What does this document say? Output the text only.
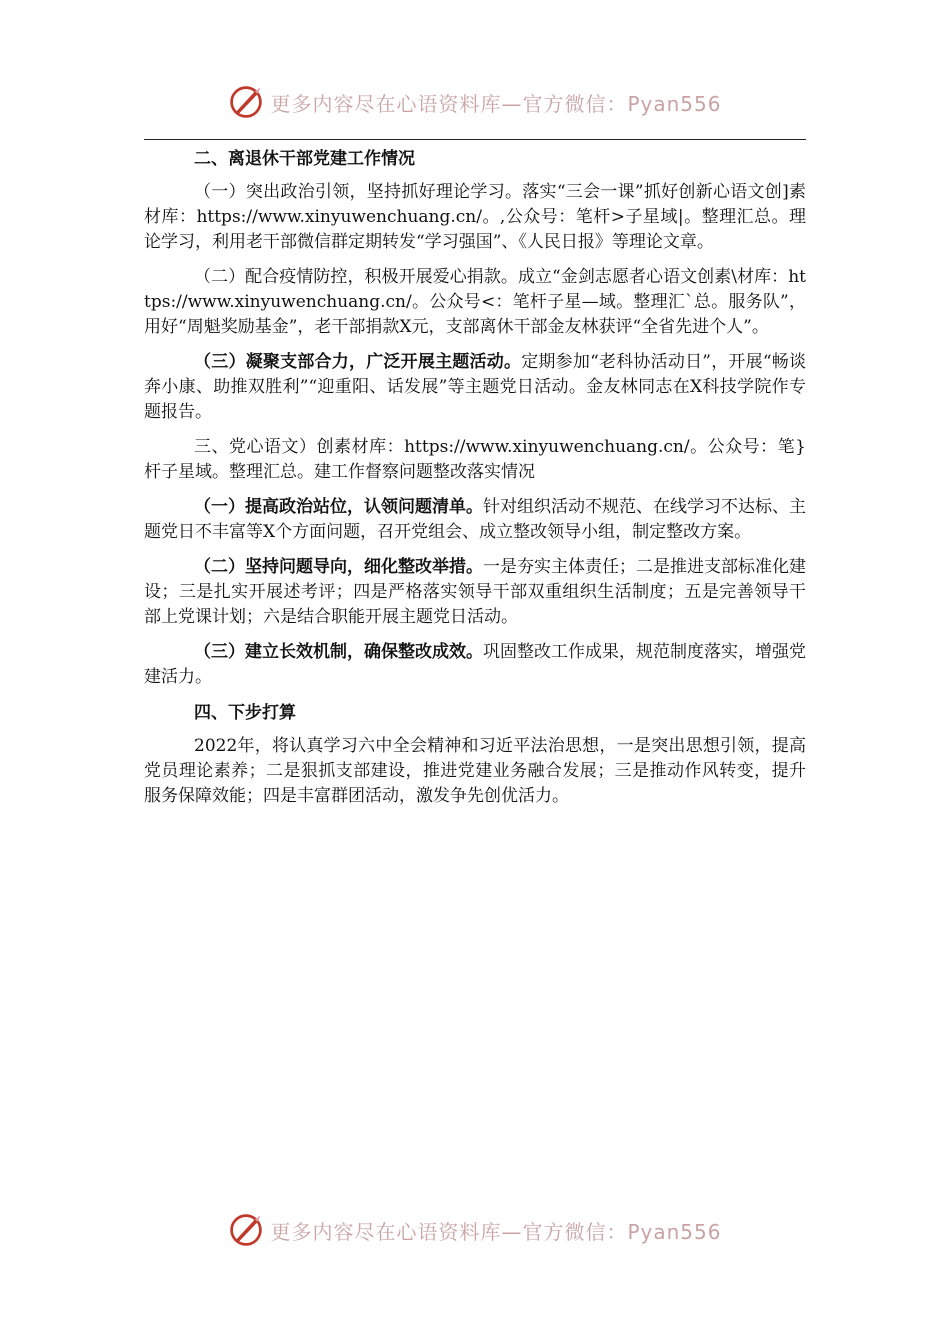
更多内容尽在心语资料库—官方微信：Pyan556
二、离退休干部党建工作情况

（一）突出政治引领，坚持抓好理论学习。落实“三会一课”抓好创新心语文创]素材库：https://www.xinyuwenchuang.cn/。,公众号：笔杆>子星域|。整理汇总。理论学习，利用老干部微信群定期转发“学习强国”、《人民日报》等理论文章。

（二）配合疫情防控，积极开展爱心捐款。成立“金剑志愿者心语文创素\材库：https://www.xinyuwenchuang.cn/。公众号<：笔杆子星—域。整理汇`总。服务队”，用好“周魁奖励基金”，老干部捐款X元，支部离休干部金友林获评“全省先进个人”。

（三）凝聚支部合力，广泛开展主题活动。定期参加“老科协活动日”，开展“畅谈奔小康、助推双胜利”“迎重阳、话发展”等主题党日活动。金友林同志在X科技学院作专题报告。

三、党心语文）创素材库：https://www.xinyuwenchuang.cn/。公众号：笔}杆子星域。整理汇总。建工作督察问题整改落实情况

（一）提高政治站位，认领问题清单。针对组织活动不规范、在线学习不达标、主题党日不丰富等X个方面问题，召开党组会、成立整改领导小组，制定整改方案。

（二）坚持问题导向，细化整改举措。一是夯实主体责任；二是推进支部标准化建设；三是扎实开展述考评；四是严格落实领导干部双重组织生活制度；五是完善领导干部上党课计划；六是结合职能开展主题党日活动。

（三）建立长效机制，确保整改成效。巩固整改工作成果，规范制度落实，增强党建活力。

四、下步打算

2022年，将认真学习六中全会精神和习近平法治思想，一是突出思想引领，提高党员理论素养；二是狠抓支部建设，推进党建业务融合发展；三是推动作风转变，提升服务保障效能；四是丰富群团活动，激发争先创优活力。

更多内容尽在心语资料库—官方微信：Pyan556
